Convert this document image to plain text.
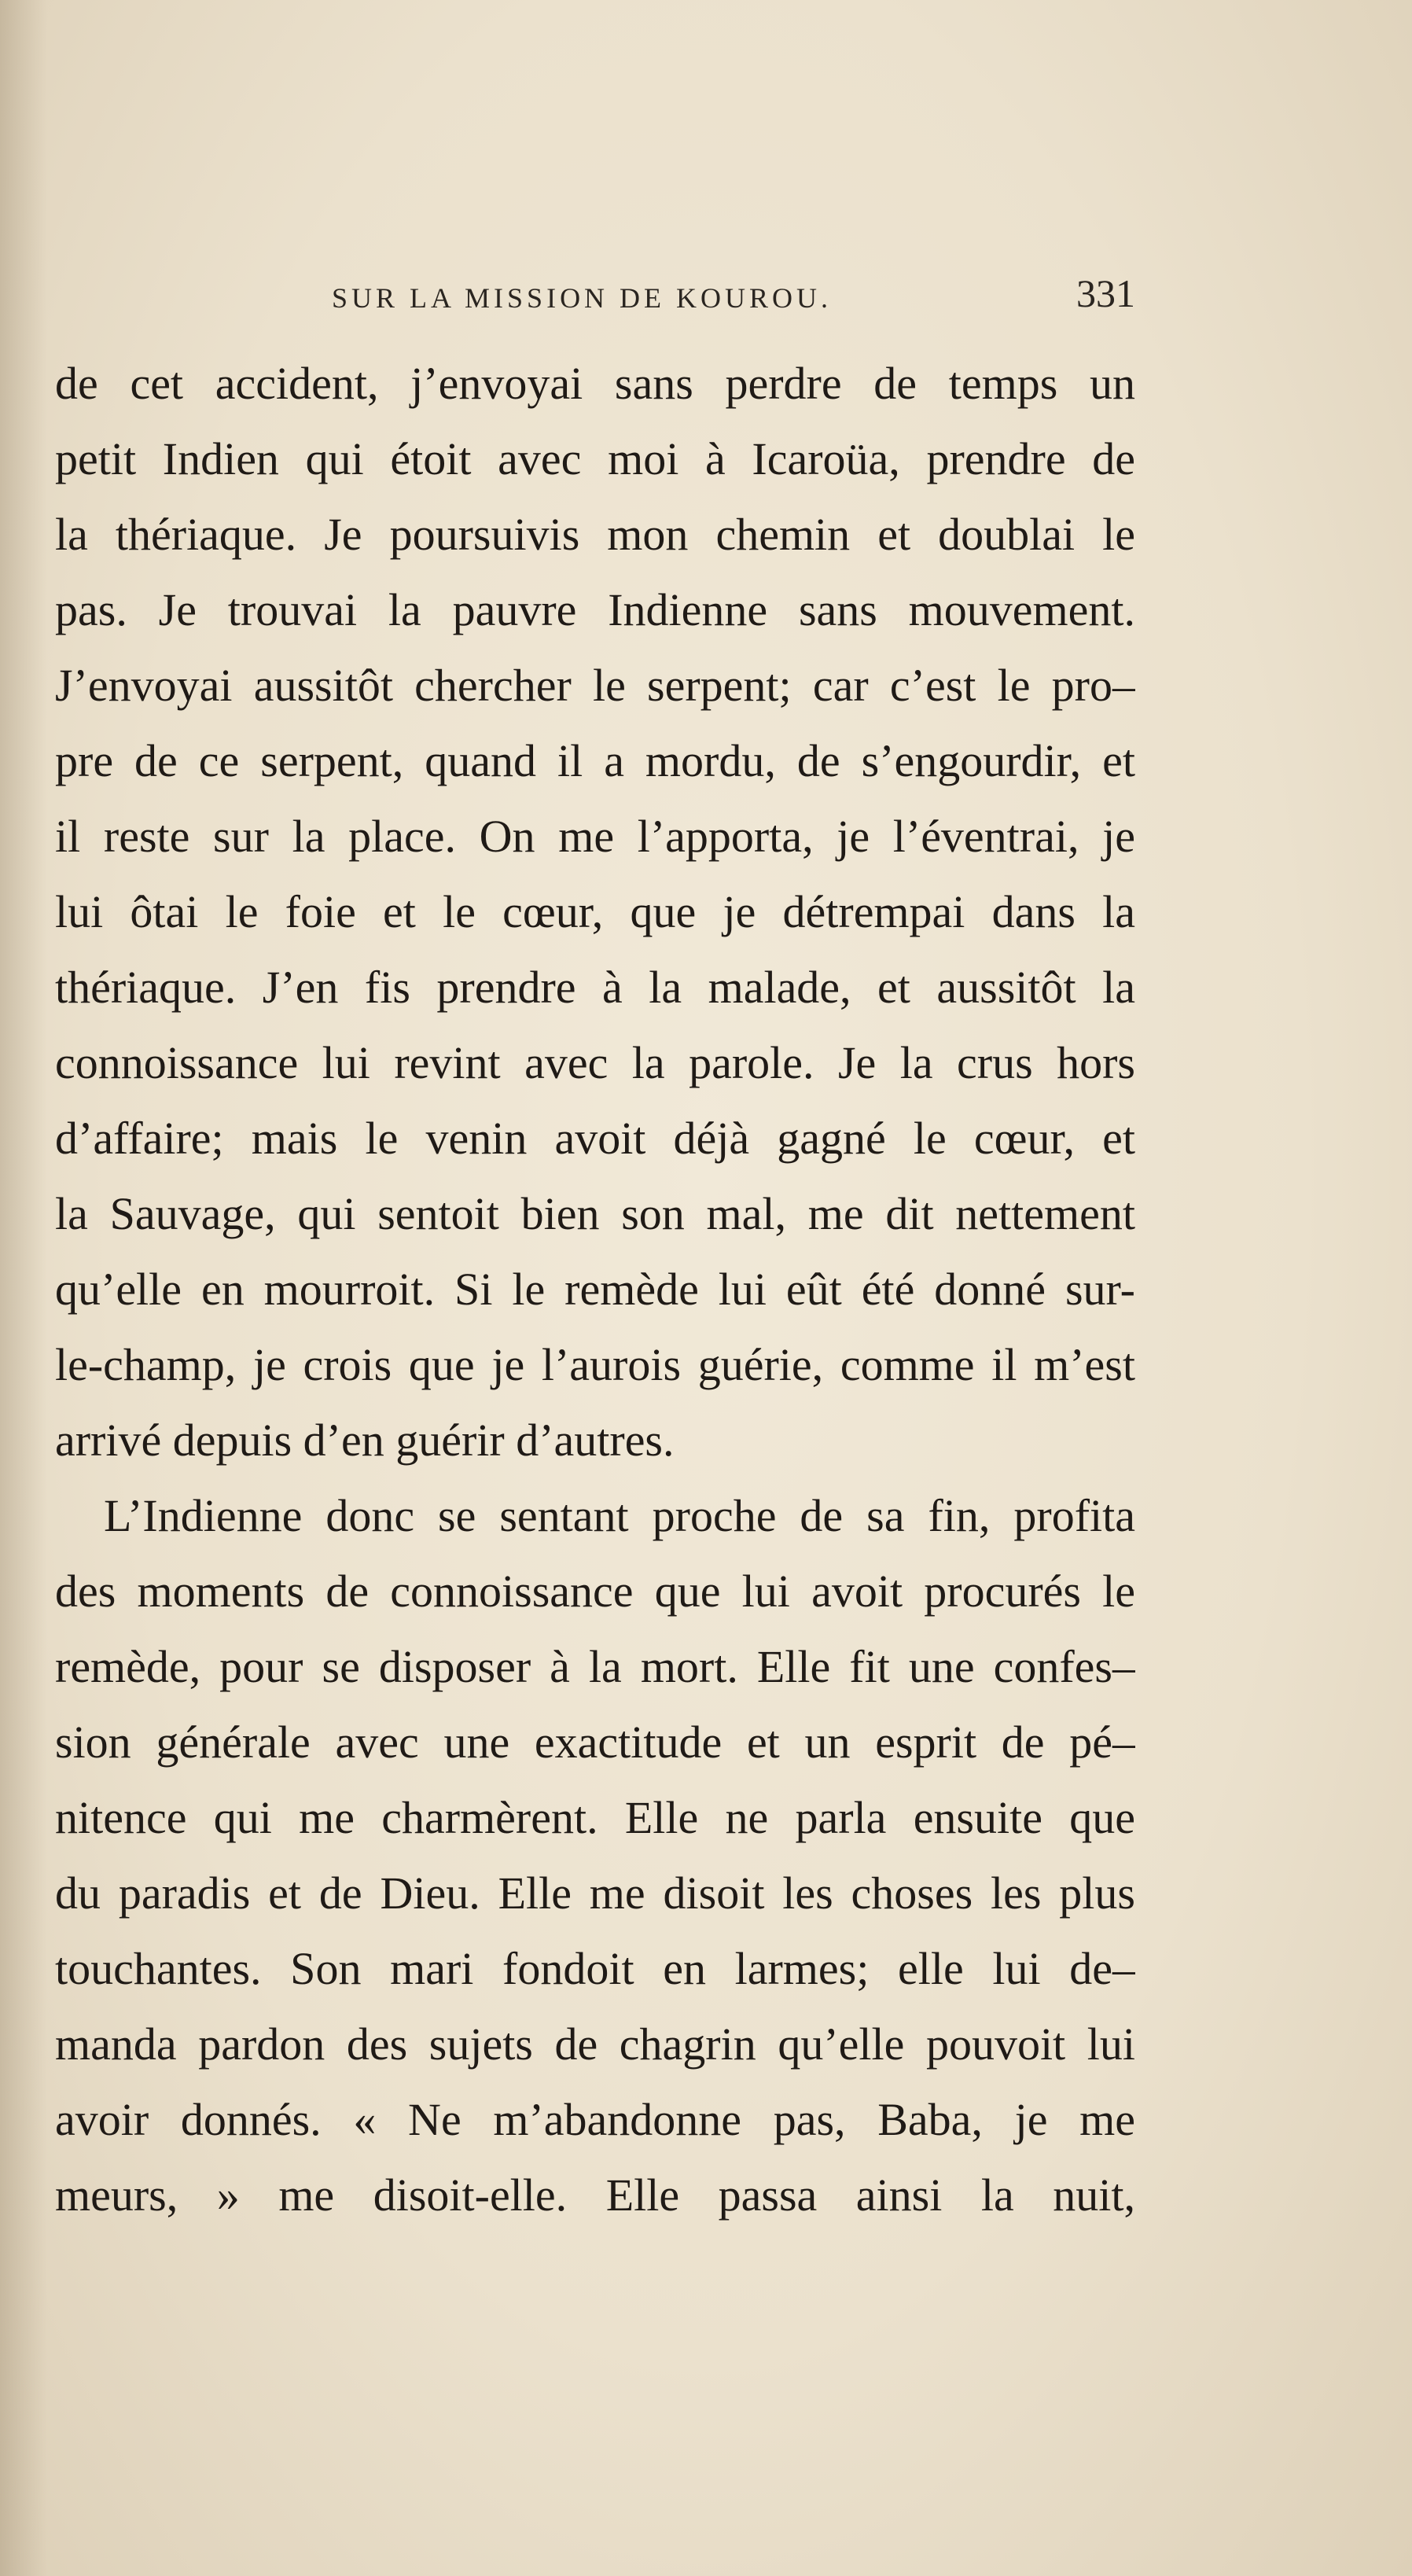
SUR LA MISSION DE KOUROU.	331
de cet accident, j’envoyai sans perdre de temps un
petit Indien qui étoit avec moi à Icaroüa, prendre de
la thériaque. Je poursuivis mon chemin et doublai le
pas. Je trouvai la pauvre Indienne sans mouvement.
J’envoyai aussitôt chercher le serpent; car c’est le pro–
pre de ce serpent, quand il a mordu, de s’engourdir, et
il reste sur la place. On me l’apporta, je l’éventrai, je
lui ôtai le foie et le cœur, que je détrempai dans la
thériaque. J’en fis prendre à la malade, et aussitôt la
connoissance lui revint avec la parole. Je la crus hors
d’affaire; mais le venin avoit déjà gagné le cœur, et
la Sauvage, qui sentoit bien son mal, me dit nettement
qu’elle en mourroit. Si le remède lui eût été donné sur-
le-champ, je crois que je l’aurois guérie, comme il m’est
arrivé depuis d’en guérir d’autres.
L’Indienne donc se sentant proche de sa fin, profita
des moments de connoissance que lui avoit procurés le
remède, pour se disposer à la mort. Elle fit une confes–
sion générale avec une exactitude et un esprit de pé–
nitence qui me charmèrent. Elle ne parla ensuite que
du paradis et de Dieu. Elle me disoit les choses les plus
touchantes. Son mari fondoit en larmes; elle lui de–
manda pardon des sujets de chagrin qu’elle pouvoit lui
avoir donnés. « Ne m’abandonne pas, Baba, je me
meurs, » me disoit-elle. Elle passa ainsi la nuit,
